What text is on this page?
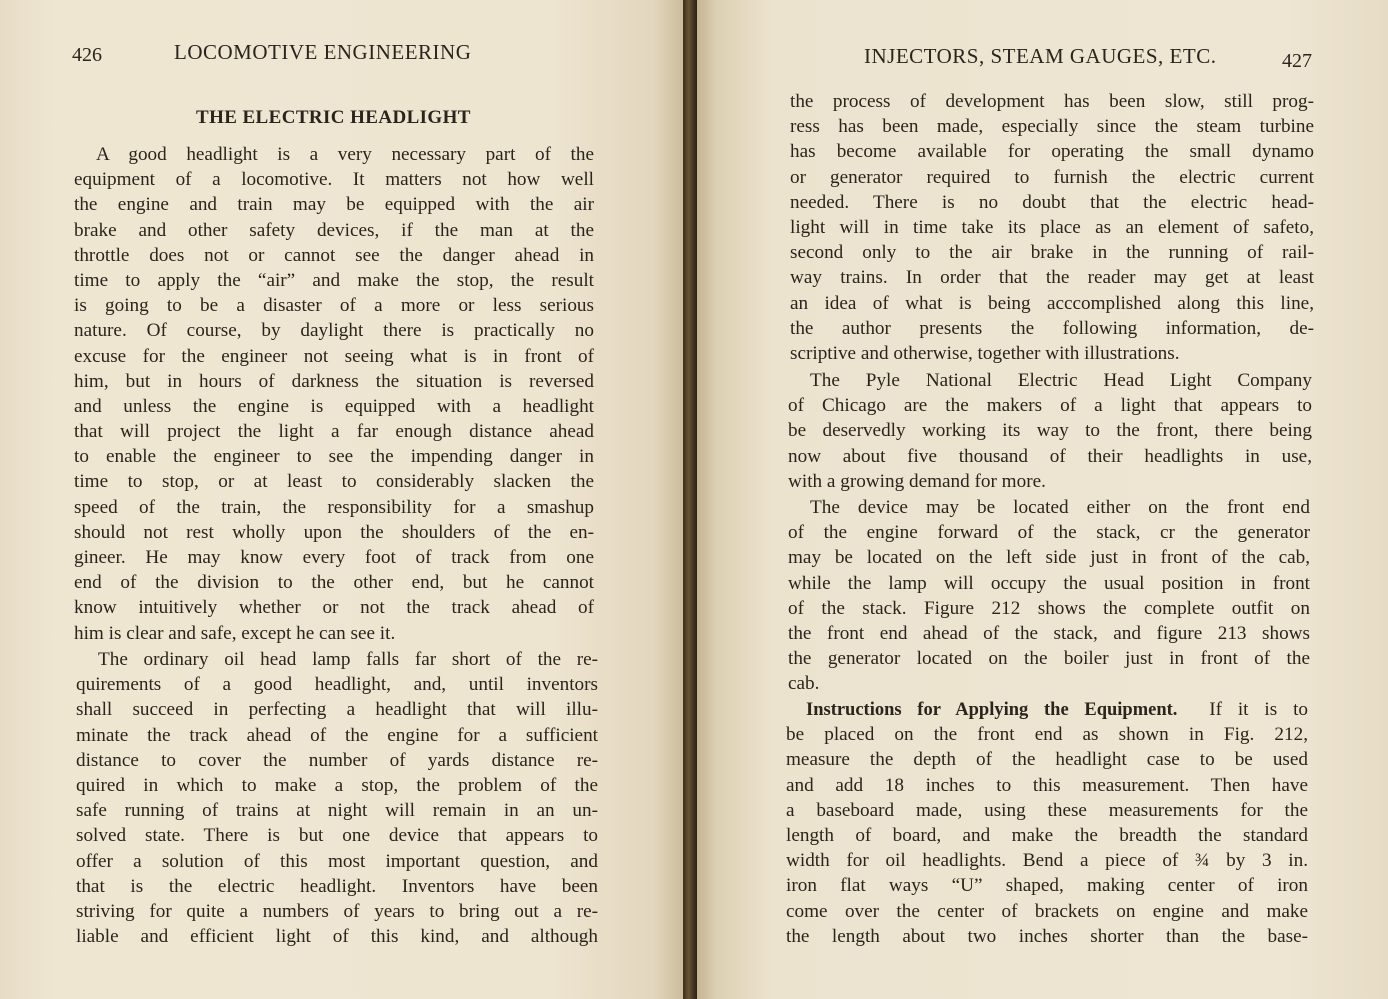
426	LOCOMOTIVE ENGINEERING
THE ELECTRIC HEADLIGHT
A good headlight is a very necessary part of the
equipment of a locomotive. It matters not how well
the engine and train may be equipped with the air
brake and other safety devices, if the man at the
throttle does not or cannot see the danger ahead in
time to apply the “air” and make the stop, the result
is going to be a disaster of a more or less serious
nature. Of course, by daylight there is practically no
excuse for the engineer not seeing what is in front of
him, but in hours of darkness the situation is reversed
and unless the engine is equipped with a headlight
that will project the light a far enough distance ahead
to enable the engineer to see the impending danger in
time to stop, or at least to considerably slacken the
speed of the train, the responsibility for a smashup
should not rest wholly upon the shoulders of the en-
gineer. He may know every foot of track from one
end of the division to the other end, but he cannot
know intuitively whether or not the track ahead of
him is clear and safe, except he can see it.
The ordinary oil head lamp falls far short of the re-
quirements of a good headlight, and, until inventors
shall succeed in perfecting a headlight that will illu-
minate the track ahead of the engine for a sufficient
distance to cover the number of yards distance re-
quired in which to make a stop, the problem of the
safe running of trains at night will remain in an un-
solved state. There is but one device that appears to
offer a solution of this most important question, and
that is the electric headlight. Inventors have been
striving for quite a numbers of years to bring out a re-
liable and efficient light of this kind, and although
INJECTORS, STEAM GAUGES, ETC.	427
the process of development has been slow, still prog-
ress has been made, especially since the steam turbine
has become available for operating the small dynamo
or generator required to furnish the electric current
needed. There is no doubt that the electric head-
light will in time take its place as an element of safeto,
second only to the air brake in the running of rail-
way trains. In order that the reader may get at least
an idea of what is being acccomplished along this line,
the author presents the following information, de-
scriptive and otherwise, together with illustrations.
The Pyle National Electric Head Light Company
of Chicago are the makers of a light that appears to
be deservedly working its way to the front, there being
now about five thousand of their headlights in use,
with a growing demand for more.
The device may be located either on the front end
of the engine forward of the stack, cr the generator
may be located on the left side just in front of the cab,
while the lamp will occupy the usual position in front
of the stack. Figure 212 shows the complete outfit on
the front end ahead of the stack, and figure 213 shows
the generator located on the boiler just in front of the
cab.
Instructions for Applying the Equipment. If it is to
be placed on the front end as shown in Fig. 212,
measure the depth of the headlight case to be used
and add 18 inches to this measurement. Then have
a baseboard made, using these measurements for the
length of board, and make the breadth the standard
width for oil headlights. Bend a piece of ¾ by 3 in.
iron flat ways “U” shaped, making center of iron
come over the center of brackets on engine and make
the length about two inches shorter than the base-
